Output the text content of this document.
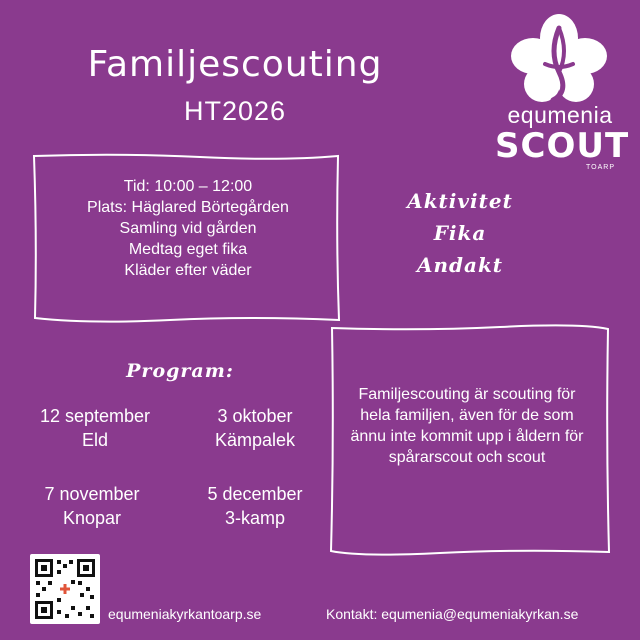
Familjescouting
HT2026	equmenia
SCOUT
TOARP
Tid: 10:00 – 12:00
Plats: Häglared Börtegården
Samling vid gården
Medtag eget fika
Kläder efter väder
Aktivitet
Fika
Andakt
Program:
12 september
Eld
3 oktober
Kämpalek
7 november
Knopar
5 december
3-kamp
Familjescouting är scouting för hela familjen, även för de som ännu inte kommit upp i åldern för spårarscout och scout
equmeniakyrkantoarp.se	Kontakt: equmenia@equmeniakyrkan.se
